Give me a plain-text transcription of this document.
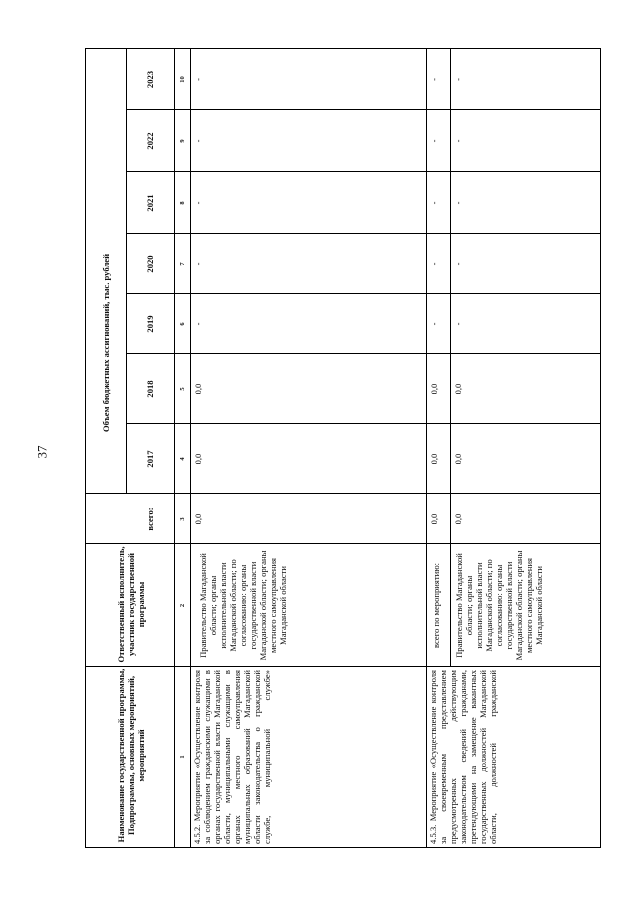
37
Наименование государственной программы, Подпрограммы, основных мероприятий, мероприятий
Ответственный исполнитель, участник государственной программы
Объем бюджетных ассигнований, тыс. рублей
всего:
2017
2018
2019
2020
2021
2022
2023
1
2
3
4
5
6
7
8
9
10
4.5.2. Мероприятие «Осуществление контроля за соблюдением гражданскими служащими в органах государственной власти Магаданской области, муниципальными служащими в органах местного самоуправления муниципальных образований Магаданской области законодательства о гражданской службе, муниципальной службе»
Правительство Магаданской области; органы исполнительной власти Магаданской области; по согласованию: органы государственной власти Магаданской области; органы местного самоуправления Магаданской области
0,0
0,0
0,0
-
-
-
-
-
4.5.3. Мероприятие «Осуществление контроля за своевременным представлением предусмотренных действующим законодательством сведений гражданами, претендующими на замещение вакантных государственных должностей Магаданской области, должностей гражданской
всего по мероприятию:	Правительство Магаданской области; органы исполнительной власти Магаданской области; по согласованию: органы государственной власти Магаданской области; органы местного самоуправления Магаданской области
0,0
0,0
0,0
-
-
-
-
-
0,0
0,0
0,0
-
-
-
-
-
